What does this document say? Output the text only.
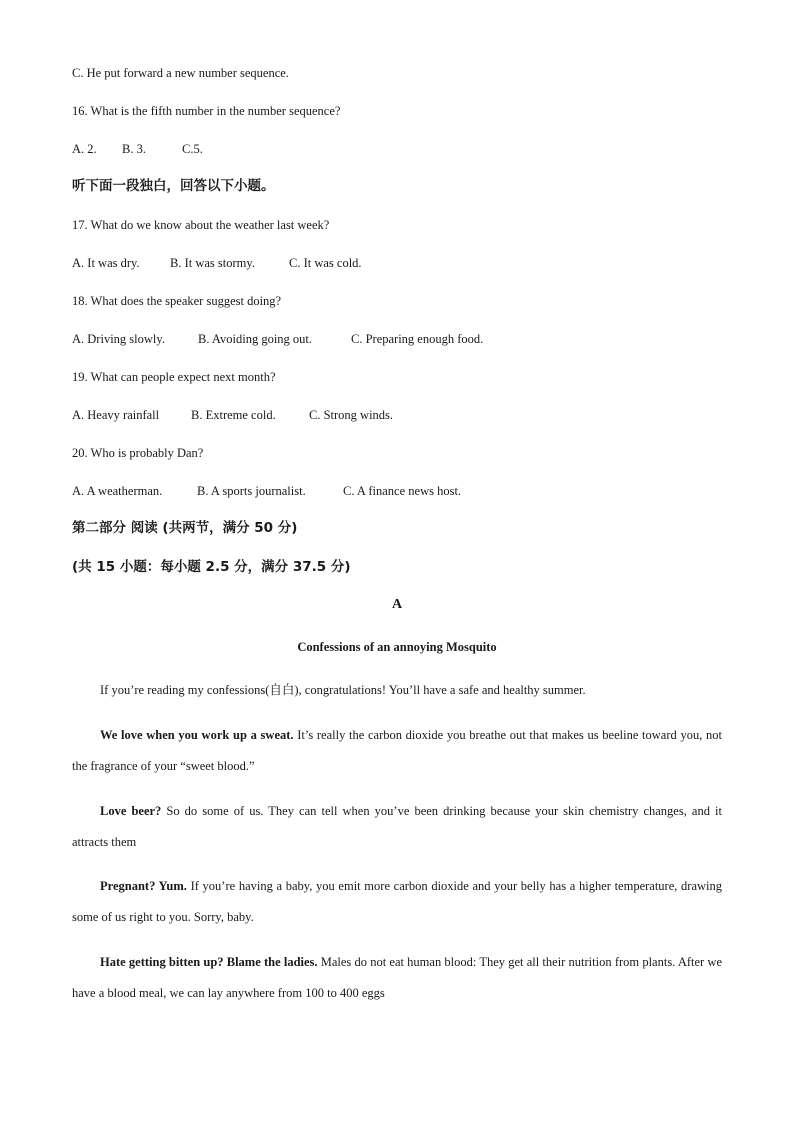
C. He put forward a new number sequence.
16. What is the fifth number in the number sequence?
A. 2. B. 3.	C.5.
听下面一段独白，回答以下小题。
17. What do we know about the weather last week?
A. It was dry. B. It was stormy.	C. It was cold.
18. What does the speaker suggest doing?
A. Driving slowly.	B. Avoiding going out.	C. Preparing enough food.
19. What can people expect next month?
A. Heavy rainfall	B. Extreme cold.	C. Strong winds.
20. Who is probably Dan?
A. A weatherman.	B. A sports journalist.	C. A finance news host.
第二部分 阅读 (共两节，满分 50 分)
(共 15 小题：每小题 2.5 分，满分 37.5 分)
A
Confessions of an annoying Mosquito
If you’re reading my confessions(自白), congratulations! You’ll have a safe and healthy summer.
We love when you work up a sweat. It’s really the carbon dioxide you breathe out that makes us beeline toward you, not the fragrance of your “sweet blood.”
Love beer? So do some of us. They can tell when you’ve been drinking because your skin chemistry changes, and it attracts them
Pregnant? Yum. If you’re having a baby, you emit more carbon dioxide and your belly has a higher temperature, drawing some of us right to you. Sorry, baby.
Hate getting bitten up? Blame the ladies. Males do not eat human blood: They get all their nutrition from plants. After we have a blood meal, we can lay anywhere from 100 to 400 eggs
